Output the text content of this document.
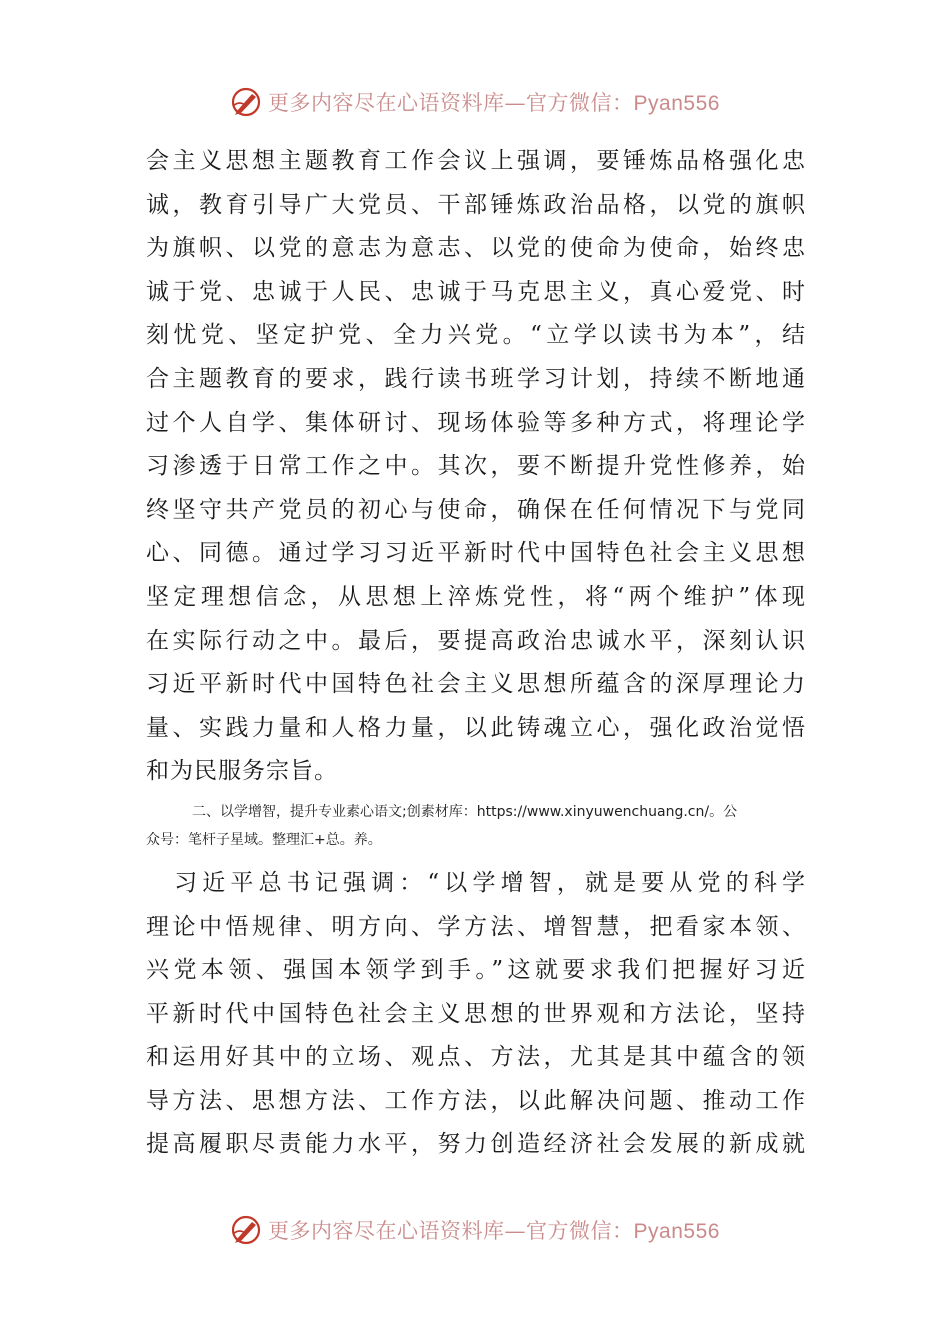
更多内容尽在心语资料库—官方微信：Pyan556
会主义思想主题教育工作会议上强调，要锤炼品格强化忠
诚，教育引导广大党员、干部锤炼政治品格，以党的旗帜
为旗帜、以党的意志为意志、以党的使命为使命，始终忠
诚于党、忠诚于人民、忠诚于马克思主义，真心爱党、时
刻忧党、坚定护党、全力兴党。“立学以读书为本”，结
合主题教育的要求，践行读书班学习计划，持续不断地通
过个人自学、集体研讨、现场体验等多种方式，将理论学
习渗透于日常工作之中。其次，要不断提升党性修养，始
终坚守共产党员的初心与使命，确保在任何情况下与党同
心、同德。通过学习习近平新时代中国特色社会主义思想
坚定理想信念，从思想上淬炼党性，将“两个维护”体现
在实际行动之中。最后，要提高政治忠诚水平，深刻认识
习近平新时代中国特色社会主义思想所蕴含的深厚理论力
量、实践力量和人格力量，以此铸魂立心，强化政治觉悟
和为民服务宗旨。
二、以学增智，提升专业素心语文;创素材库：https://www.xinyuwenchuang.cn/。公
众号：笔杆子星域。整理汇+总。养。
　习近平总书记强调：“以学增智，就是要从党的科学
理论中悟规律、明方向、学方法、增智慧，把看家本领、
兴党本领、强国本领学到手。”这就要求我们把握好习近
平新时代中国特色社会主义思想的世界观和方法论，坚持
和运用好其中的立场、观点、方法，尤其是其中蕴含的领
导方法、思想方法、工作方法，以此解决问题、推动工作
提高履职尽责能力水平，努力创造经济社会发展的新成就
更多内容尽在心语资料库—官方微信：Pyan556
